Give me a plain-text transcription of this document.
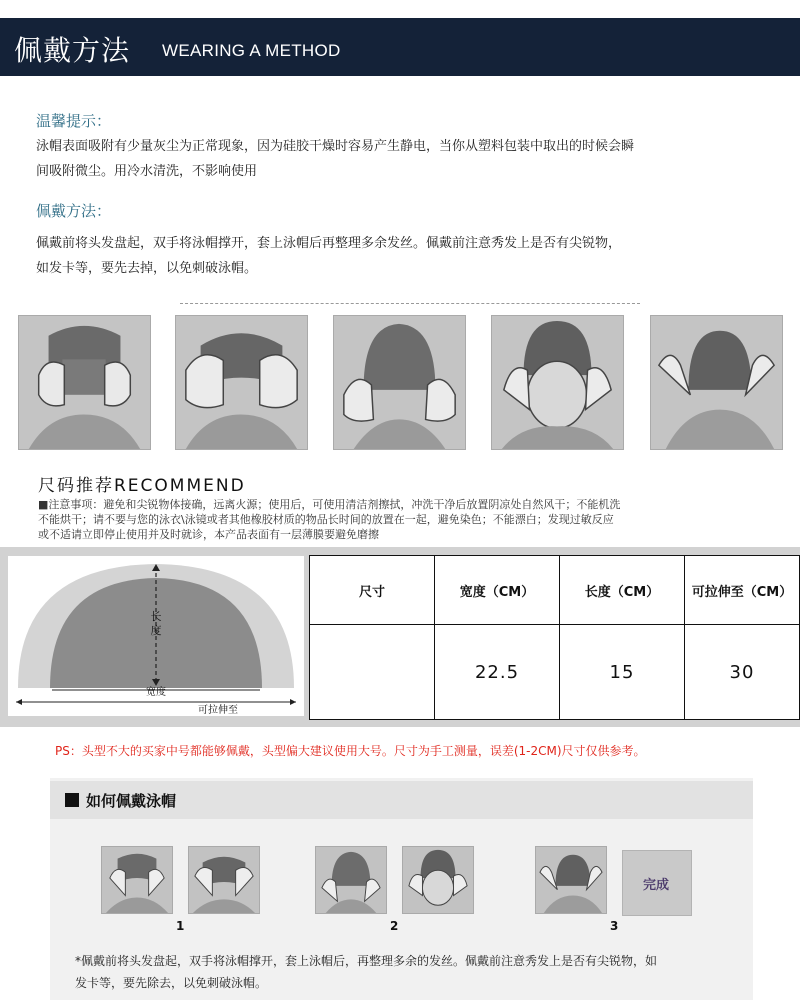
佩戴方法 WEARING A METHOD
温馨提示：
泳帽表面吸附有少量灰尘为正常现象，因为硅胶干燥时容易产生静电，当你从塑料包装中取出的时候会瞬
间吸附微尘。用冷水清洗，不影响使用
佩戴方法：
佩戴前将头发盘起，双手将泳帽撑开，套上泳帽后再整理多余发丝。佩戴前注意秀发上是否有尖锐物，
如发卡等，要先去掉，以免刺破泳帽。
尺码推荐RECOMMEND
■注意事项：避免和尖锐物体接确，远离火源；使用后，可使用清洁剂擦拭，冲洗干净后放置阴凉处自然风干；不能机洗
不能烘干；请不要与您的泳衣\泳镜或者其他橡胶材质的物品长时间的放置在一起，避免染色；不能漂白；发现过敏反应
或不适请立即停止使用并及时就诊，本产品表面有一层薄膜要避免磨擦
长
度
宽度
可拉伸至
尺寸	宽度（CM）	长度（CM）	可拉伸至（CM）
	22.5	15	30
PS：头型不大的买家中号都能够佩戴，头型偏大建议使用大号。尺寸为手工测量，误差(1-2CM)尺寸仅供参考。
如何佩戴泳帽
完成
1	2	3
*佩戴前将头发盘起，双手将泳帽撑开，套上泳帽后，再整理多余的发丝。佩戴前注意秀发上是否有尖锐物，如
发卡等，要先除去，以免刺破泳帽。
